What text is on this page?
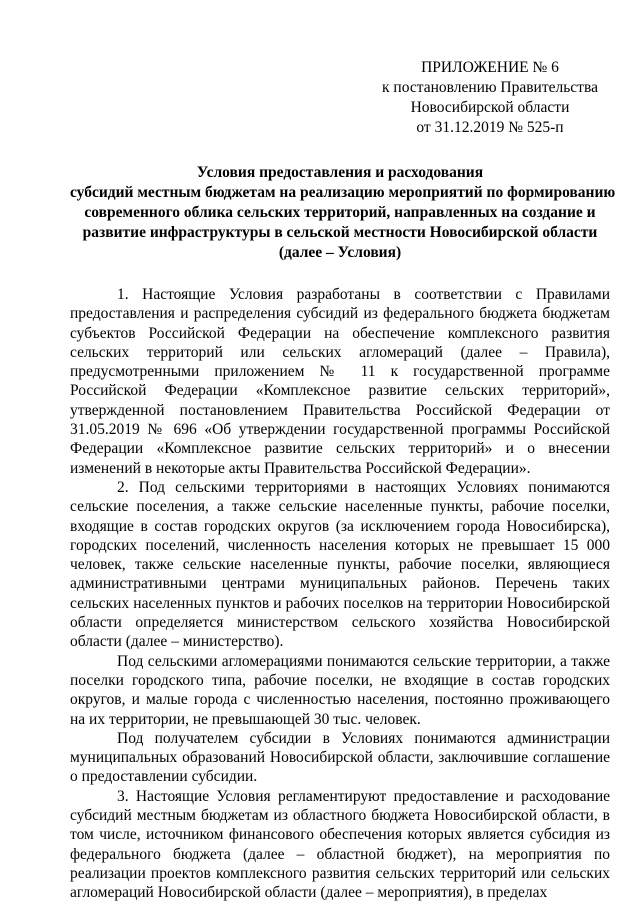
ПРИЛОЖЕНИЕ № 6
к постановлению Правительства
Новосибирской области
от 31.12.2019 № 525-п
Условия предоставления и расходования
субсидий местным бюджетам на реализацию мероприятий по формированию
современного облика сельских территорий, направленных на создание и
развитие инфраструктуры в сельской местности Новосибирской области
(далее – Условия)

1. Настоящие Условия разработаны в соответствии с Правилами предоставления и распределения субсидий из федерального бюджета бюджетам субъектов Российской Федерации на обеспечение комплексного развития сельских территорий или сельских агломераций (далее – Правила), предусмотренными приложением № 11 к государственной программе Российской Федерации «Комплексное развитие сельских территорий», утвержденной постановлением Правительства Российской Федерации от 31.05.2019 № 696 «Об утверждении государственной программы Российской Федерации «Комплексное развитие сельских территорий» и о внесении изменений в некоторые акты Правительства Российской Федерации».

2. Под сельскими территориями в настоящих Условиях понимаются сельские поселения, а также сельские населенные пункты, рабочие поселки, входящие в состав городских округов (за исключением города Новосибирска), городских поселений, численность населения которых не превышает 15 000 человек, также сельские населенные пункты, рабочие поселки, являющиеся административными центрами муниципальных районов. Перечень таких сельских населенных пунктов и рабочих поселков на территории Новосибирской области определяется министерством сельского хозяйства Новосибирской области (далее – министерство).

Под сельскими агломерациями понимаются сельские территории, а также поселки городского типа, рабочие поселки, не входящие в состав городских округов, и малые города с численностью населения, постоянно проживающего на их территории, не превышающей 30 тыс. человек.

Под получателем субсидии в Условиях понимаются администрации муниципальных образований Новосибирской области, заключившие соглашение о предоставлении субсидии.

3. Настоящие Условия регламентируют предоставление и расходование субсидий местным бюджетам из областного бюджета Новосибирской области, в том числе, источником финансового обеспечения которых является субсидия из федерального бюджета (далее – областной бюджет), на мероприятия по реализации проектов комплексного развития сельских территорий или сельских агломераций Новосибирской области (далее – мероприятия), в пределах
